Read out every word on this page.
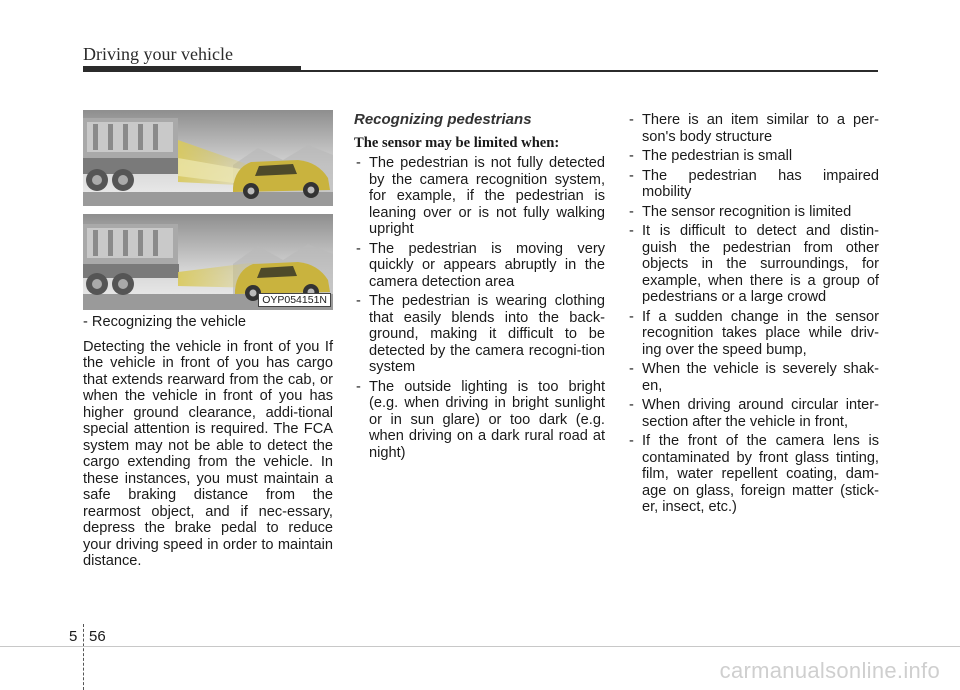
Driving your vehicle
OYP054151N
- Recognizing the vehicle

Detecting the vehicle in front of you If the vehicle in front of you has cargo that extends rearward from the cab, or when the vehicle in front of you has higher ground clearance, addi-tional special attention is required. The FCA system may not be able to detect the cargo extending from the vehicle. In these instances, you must maintain a safe braking distance from the rearmost object, and if nec-essary, depress the brake pedal to reduce your driving speed in order to maintain distance.

Recognizing pedestrians
The sensor may be limited when:
- The pedestrian is not fully detected by the camera recognition system, for example, if the pedestrian is leaning over or is not fully walking upright
- The pedestrian is moving very quickly or appears abruptly in the camera detection area
- The pedestrian is wearing clothing that easily blends into the back-ground, making it difficult to be detected by the camera recogni-tion system
- The outside lighting is too bright (e.g. when driving in bright sunlight or in sun glare) or too dark (e.g. when driving on a dark rural road at night)
- There is an item similar to a per-son's body structure
- The pedestrian is small
- The pedestrian has impaired mobility
- The sensor recognition is limited
- It is difficult to detect and distin-guish the pedestrian from other objects in the surroundings, for example, when there is a group of pedestrians or a large crowd
- If a sudden change in the sensor recognition takes place while driv-ing over the speed bump,
- When the vehicle is severely shak-en,
- When driving around circular inter-section after the vehicle in front,
- If the front of the camera lens is contaminated by front glass tinting, film, water repellent coating, dam-age on glass, foreign matter (stick-er, insect, etc.)
5 56
carmanualsonline.info
